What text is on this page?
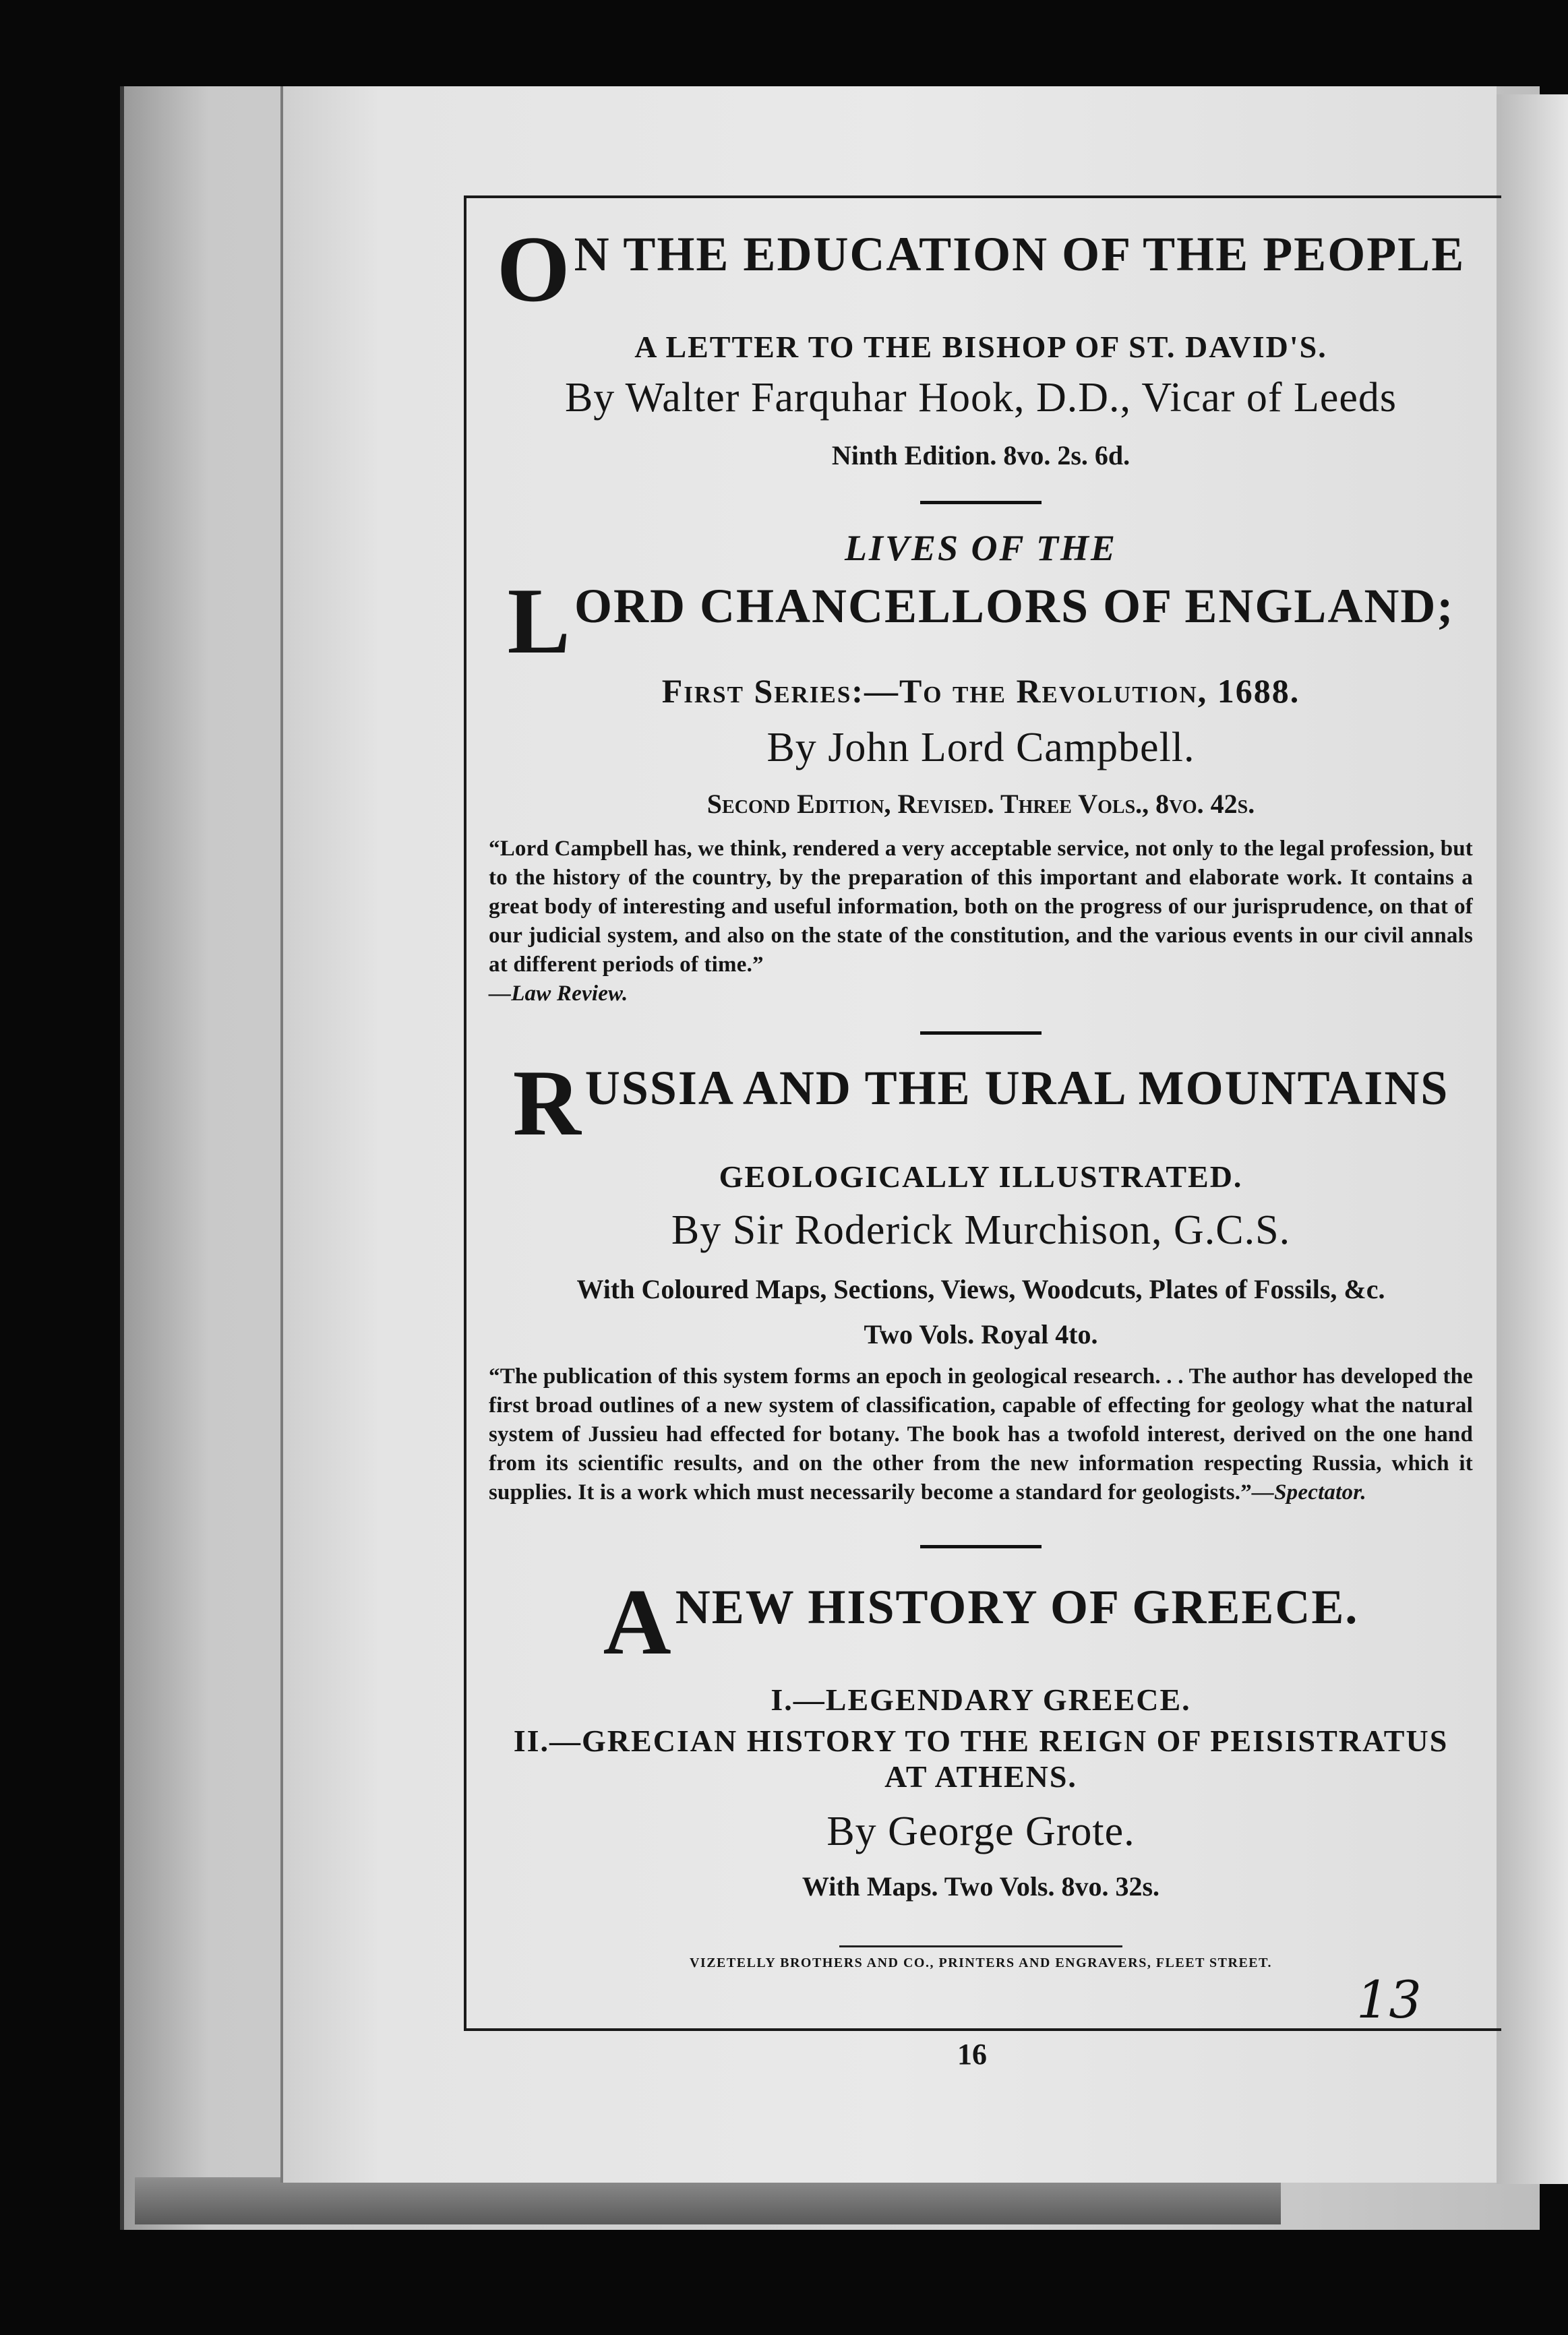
ON THE EDUCATION OF THE PEOPLE
A LETTER TO THE BISHOP OF ST. DAVID'S.
By Walter Farquhar Hook, D.D., Vicar of Leeds
Ninth Edition. 8vo. 2s. 6d.
LIVES OF THE
LORD CHANCELLORS OF ENGLAND;
First Series:—To the Revolution, 1688.
By John Lord Campbell.
Second Edition, Revised. Three Vols., 8vo. 42s.
“Lord Campbell has, we think, rendered a very acceptable service, not only to the legal profession, but to the history of the country, by the preparation of this important and elaborate work. It contains a great body of interesting and useful information, both on the progress of our jurisprudence, on that of our judicial system, and also on the state of the constitution, and the various events in our civil annals at different periods of time.”
—Law Review.
RUSSIA AND THE URAL MOUNTAINS
GEOLOGICALLY ILLUSTRATED.
By Sir Roderick Murchison, G.C.S.
With Coloured Maps, Sections, Views, Woodcuts, Plates of Fossils, &c.
Two Vols. Royal 4to.
“The publication of this system forms an epoch in geological research. . . The author has developed the first broad outlines of a new system of classification, capable of effecting for geology what the natural system of Jussieu had effected for botany. The book has a twofold interest, derived on the one hand from its scientific results, and on the other from the new information respecting Russia, which it supplies. It is a work which must necessarily become a standard for geologists.”—Spectator.
ANEW HISTORY OF GREECE.
I.—LEGENDARY GREECE.
II.—GRECIAN HISTORY TO THE REIGN OF PEISISTRATUS
AT ATHENS.
By George Grote.
With Maps. Two Vols. 8vo. 32s.
VIZETELLY BROTHERS AND CO., PRINTERS AND ENGRAVERS, FLEET STREET.
13
16
